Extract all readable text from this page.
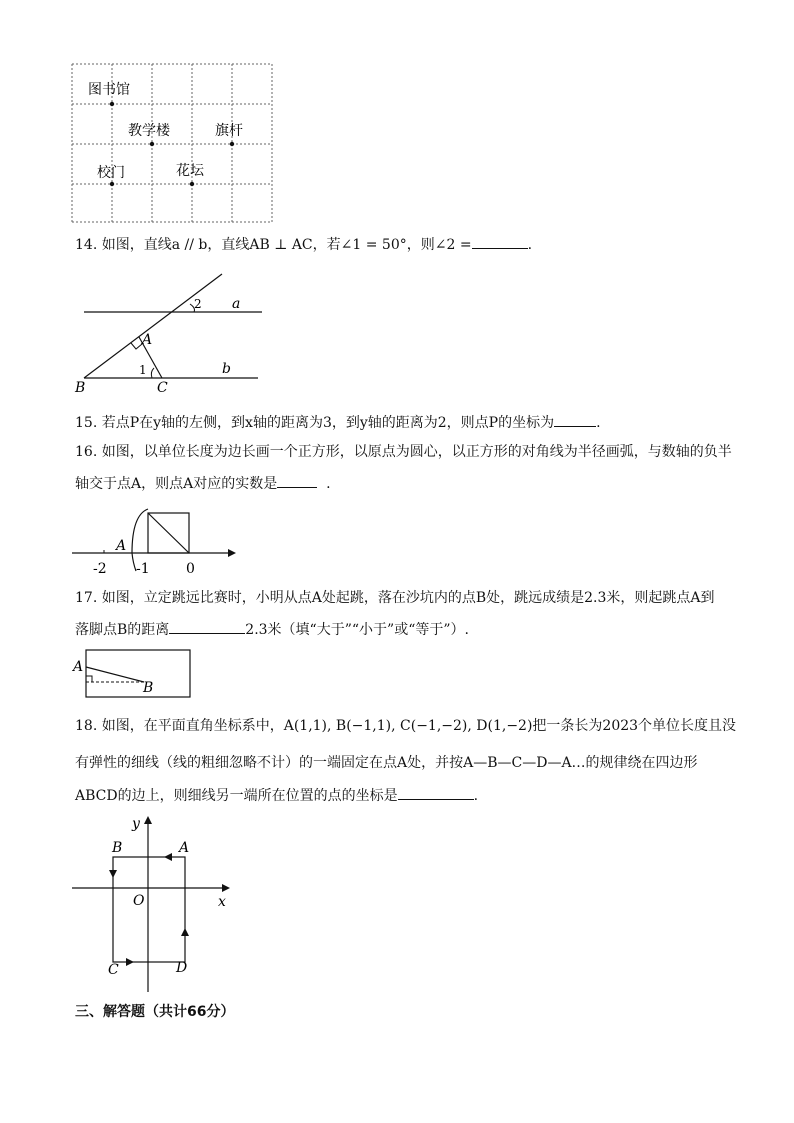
图书馆
教学楼	旗杆
校门	花坛
14. 如图，直线a // b，直线AB ⊥ AC，若∠1 = 50°，则∠2 =	.
a
b
A
B	C
1
2
15. 若点P在y轴的左侧，到x轴的距离为3，到y轴的距离为2，则点P的坐标为	.
16. 如图，以单位长度为边长画一个正方形，以原点为圆心，以正方形的对角线为半径画弧，与数轴的负半
轴交于点A，则点A对应的实数是	.
A
-2 -1	0
17. 如图，立定跳远比赛时，小明从点A处起跳，落在沙坑内的点B处，跳远成绩是2.3米，则起跳点A到
落脚点B的距离	2.3米（填“大于”“小于”或“等于”）.
A
B
18. 如图，在平面直角坐标系中，A(1,1), B(−1,1), C(−1,−2), D(1,−2)把一条长为2023个单位长度且没
有弹性的细线（线的粗细忽略不计）的一端固定在点A处，并按A—B—C—D—A…的规律绕在四边形
ABCD的边上，则细线另一端所在位置的点的坐标是	.
x
y
O
A
B
C	D
三、解答题（共计66分）
